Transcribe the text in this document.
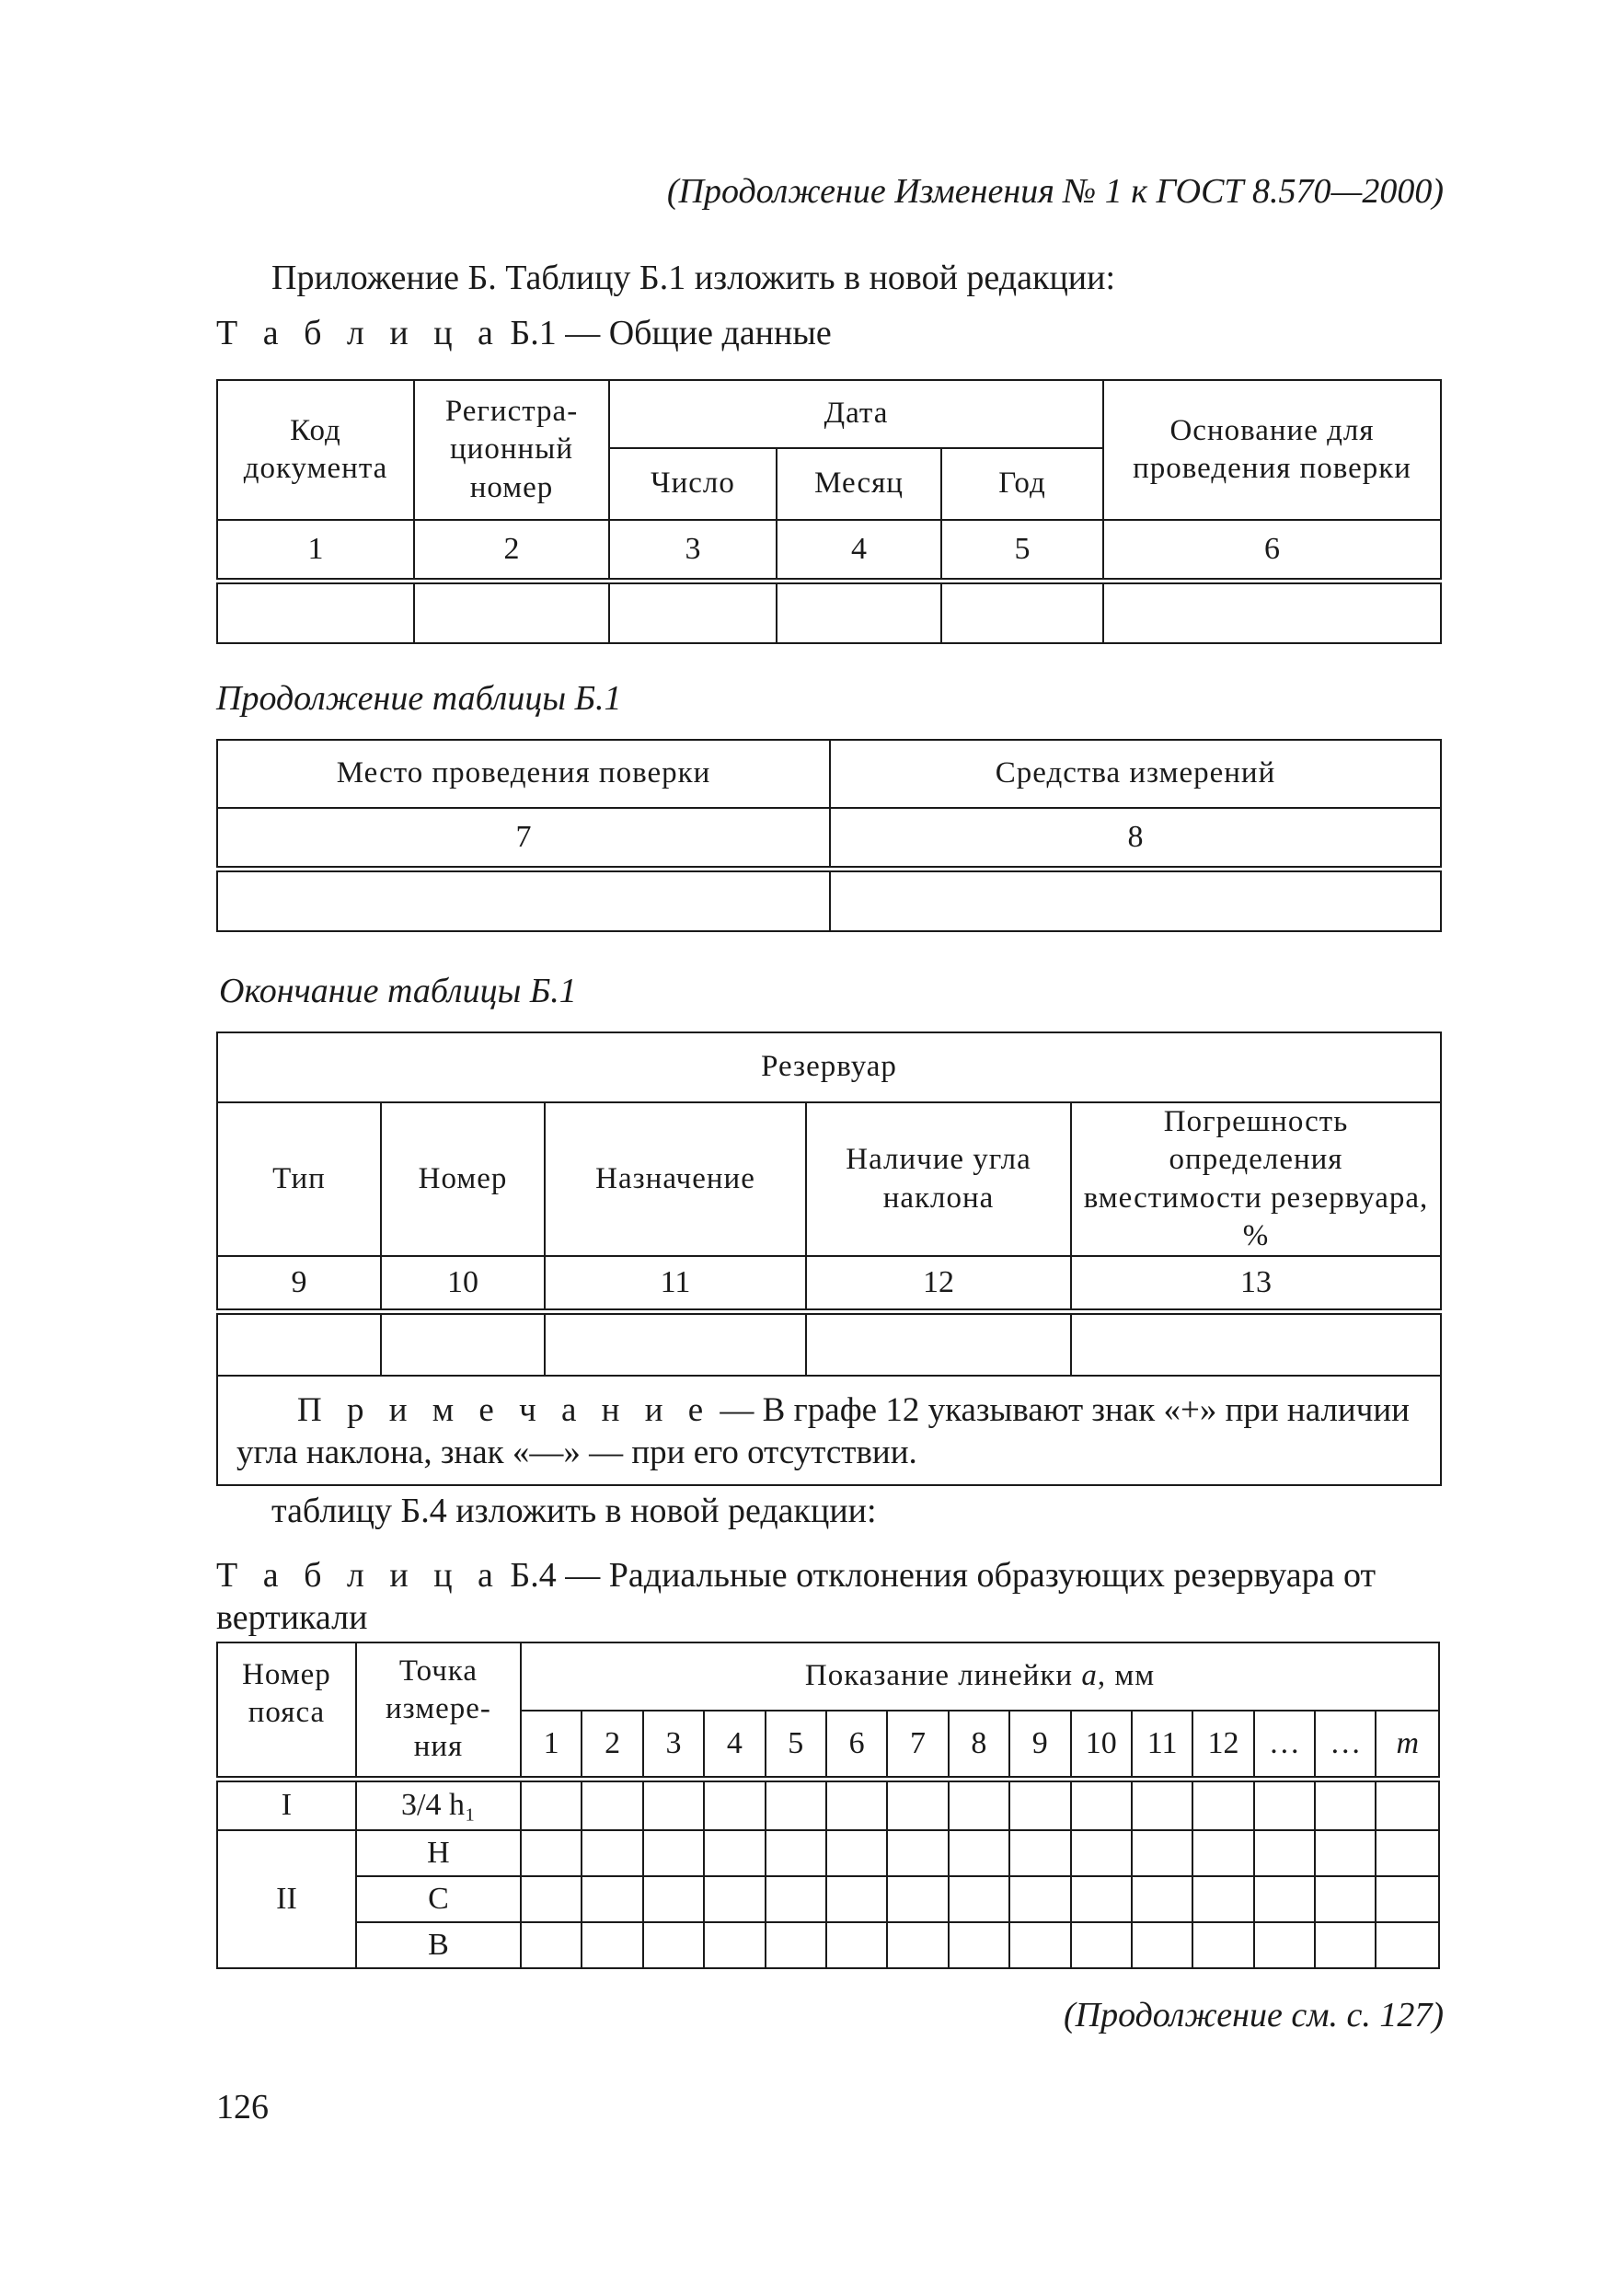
(Продолжение Изменения № 1 к ГОСТ 8.570—2000)
Приложение Б. Таблицу Б.1 изложить в новой редакции:
Т а б л и ц а Б.1 — Общие данные
Код документа	Регистра-ционный номер	Дата			Основание для проведения поверки
		Число	Месяц	Год	
1	2	3	4	5	6

Продолжение таблицы Б.1
Место проведения поверки	Средства измерений
7	8

Окончание таблицы Б.1
Резервуар				
Тип	Номер	Назначение	Наличие угла наклона	Погрешность определения вместимости резервуара, %
9	10	11	12	13

П р и м е ч а н и е — В графе 12 указывают знак «+» при наличии угла наклона, знак «—» — при его отсутствии.				
таблицу Б.4 изложить в новой редакции:
Т а б л и ц а Б.4 — Радиальные отклонения образующих резервуара от вертикали
Номер пояса	Точка измере-ния	Показание линейки a, мм														
		1	2	3	4	5	6	7	8	9	10	11	12	…	…	m
I	3/4 h₁															
II	Н															
	С															
	В															
(Продолжение см. с. 127)
126
